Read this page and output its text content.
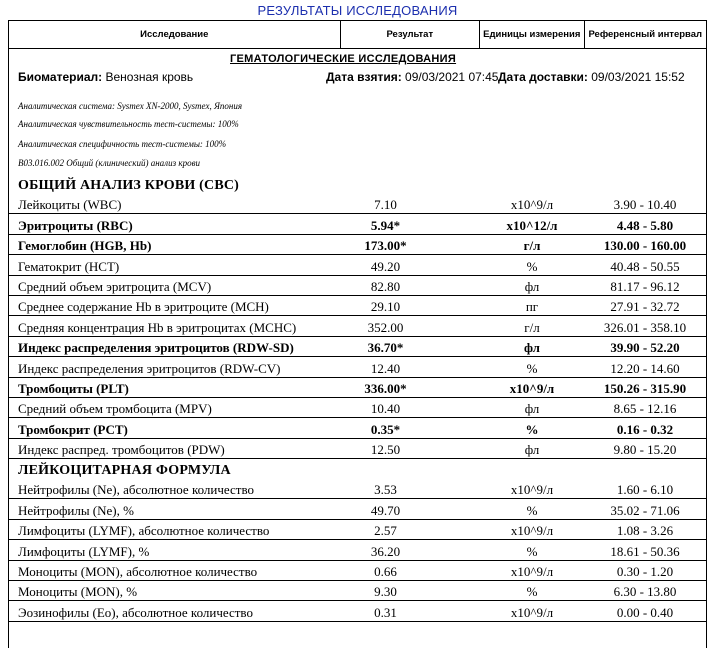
РЕЗУЛЬТАТЫ ИССЛЕДОВАНИЯ
Исследование	Результат	Единицы измерения Референсный интервал
ГЕМАТОЛОГИЧЕСКИЕ ИССЛЕДОВАНИЯ
Биоматериал: Венозная кровь	Дата взятия: 09/03/2021 07:45 Дата доставки: 09/03/2021 15:52
Аналитическая система: Sysmex XN-2000, Sysmex, Япония
Аналитическая чувствительность тест-системы: 100%
Аналитическая специфичность тест-системы: 100%
B03.016.002 Общий (клинический) анализ крови
ОБЩИЙ АНАЛИЗ КРОВИ (CBC)
Лейкоциты (WBC)	7.10	x10^9/л	3.90 - 10.40
Эритроциты (RBC)	5.94*	x10^12/л	4.48 - 5.80
Гемоглобин (HGB, Hb)	173.00*	г/л	130.00 - 160.00
Гематокрит (HCT)	49.20	%	40.48 - 50.55
Средний объем эритроцита (MCV)	82.80	фл	81.17 - 96.12
Среднее содержание Hb в эритроците (MCH)	29.10	пг	27.91 - 32.72
Средняя концентрация Hb в эритроцитах (MCHC)	352.00	г/л	326.01 - 358.10
Индекс распределения эритроцитов (RDW-SD)	36.70*	фл	39.90 - 52.20
Индекс распределения эритроцитов (RDW-CV)	12.40	%	12.20 - 14.60
Тромбоциты (PLT)	336.00*	x10^9/л	150.26 - 315.90
Средний объем тромбоцита (MPV)	10.40	фл	8.65 - 12.16
Тромбокрит (PCT)	0.35*	%	0.16 - 0.32
Индекс распред. тромбоцитов (PDW)	12.50	фл	9.80 - 15.20
ЛЕЙКОЦИТАРНАЯ ФОРМУЛА
Нейтрофилы (Ne), абсолютное количество	3.53	x10^9/л	1.60 - 6.10
Нейтрофилы (Ne), %	49.70	%	35.02 - 71.06
Лимфоциты (LYMF), абсолютное количество	2.57	x10^9/л	1.08 - 3.26
Лимфоциты (LYMF), %	36.20	%	18.61 - 50.36
Моноциты (MON), абсолютное количество	0.66	x10^9/л	0.30 - 1.20
Моноциты (MON), %	9.30	%	6.30 - 13.80
Эозинофилы (Eo), абсолютное количество	0.31	x10^9/л	0.00 - 0.40
